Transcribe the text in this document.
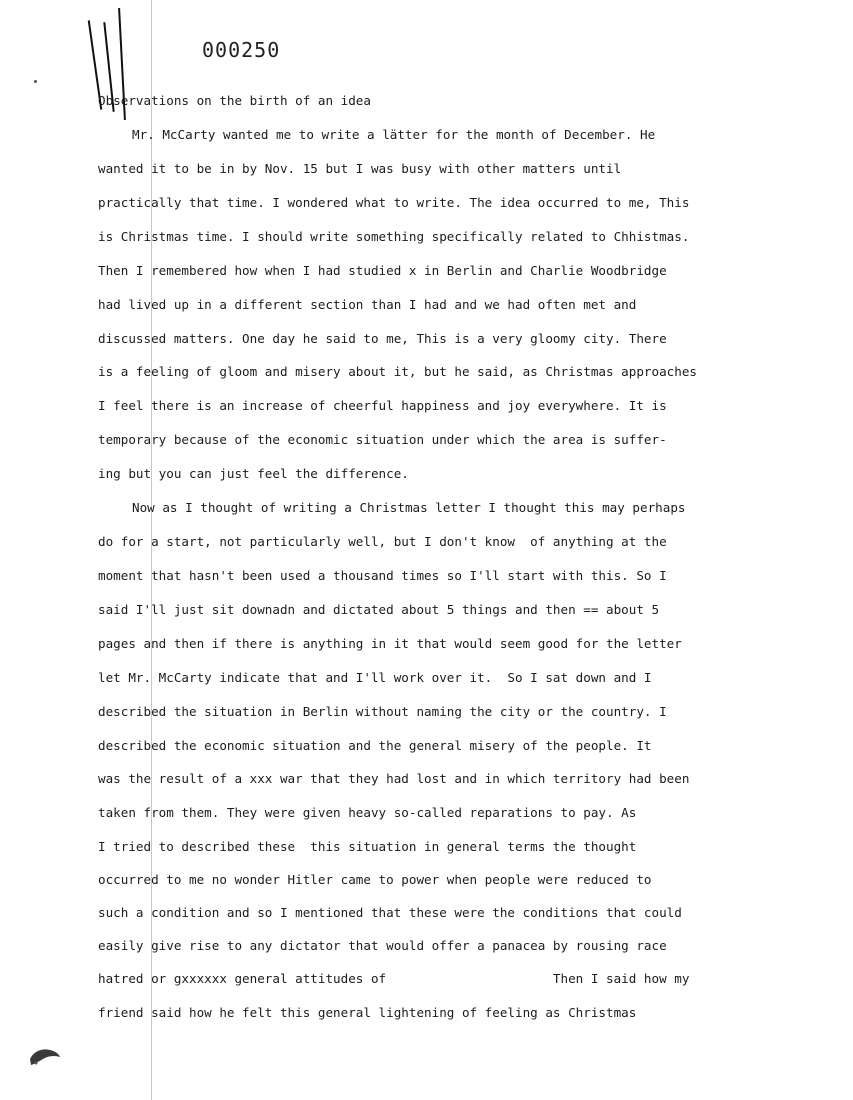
000250
Observations on the birth of an idea
Mr. McCarty wanted me to write a lätter for the month of December. He
wanted it to be in by Nov. 15 but I was busy with other matters until
practically that time. I wondered what to write. The idea occurred to me, This
is Christmas time. I should write something specifically related to Chhistmas.
Then I remembered how when I had studied x in Berlin and Charlie Woodbridge
had lived up in a different section than I had and we had often met and
discussed matters. One day he said to me, This is a very gloomy city. There
is a feeling of gloom and misery about it, but he said, as Christmas approaches
I feel there is an increase of cheerful happiness and joy everywhere. It is
temporary because of the economic situation under which the area is suffer-
ing but you can just feel the difference.
Now as I thought of writing a Christmas letter I thought this may perhaps
do for a start, not particularly well, but I don't know  of anything at the
moment that hasn't been used a thousand times so I'll start with this. So I
said I'll just sit downadn and dictated about 5 things and then == about 5
pages and then if there is anything in it that would seem good for the letter
let Mr. McCarty indicate that and I'll work over it.  So I sat down and I
described the situation in Berlin without naming the city or the country. I
described the economic situation and the general misery of the people. It
was the result of a xxx war that they had lost and in which territory had been
taken from them. They were given heavy so-called reparations to pay. As
I tried to described these  this situation in general terms the thought
occurred to me no wonder Hitler came to power when people were reduced to
such a condition and so I mentioned that these were the conditions that could
easily give rise to any dictator that would offer a panacea by rousing race
hatred or gxxxxxx general attitudes of                      Then I said how my
friend said how he felt this general lightening of feeling as Christmas
